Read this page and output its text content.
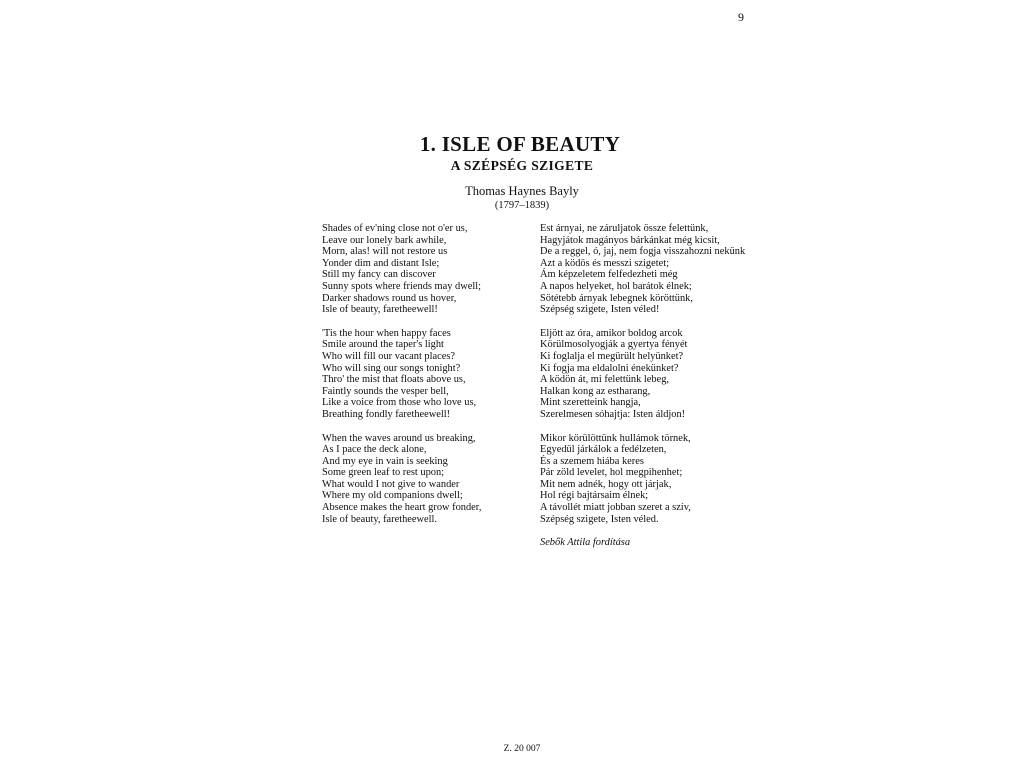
9
1. ISLE OF BEAUTY
A SZÉPSÉG SZIGETE
Thomas Haynes Bayly
(1797–1839)
Shades of ev'ning close not o'er us,
Leave our lonely bark awhile,
Morn, alas! will not restore us
Yonder dim and distant Isle;
Still my fancy can discover
Sunny spots where friends may dwell;
Darker shadows round us hover,
Isle of beauty, faretheewell!
'Tis the hour when happy faces
Smile around the taper's light
Who will fill our vacant places?
Who will sing our songs tonight?
Thro' the mist that floats above us,
Faintly sounds the vesper bell,
Like a voice from those who love us,
Breathing fondly faretheewell!
When the waves around us breaking,
As I pace the deck alone,
And my eye in vain is seeking
Some green leaf to rest upon;
What would I not give to wander
Where my old companions dwell;
Absence makes the heart grow fonder,
Isle of beauty, faretheewell.
Est árnyai, ne záruljatok össze felettünk,
Hagyjátok magányos bárkánkat még kicsit,
De a reggel, ó, jaj, nem fogja visszahozni nekünk
Azt a ködös és messzi szigetet;
Ám képzeletem felfedezheti még
A napos helyeket, hol barátok élnek;
Sötétebb árnyak lebegnek köröttünk,
Szépség szigete, Isten véled!
Eljött az óra, amikor boldog arcok
Körülmosolyogják a gyertya fényét
Ki foglalja el megürült helyünket?
Ki fogja ma eldalolni énekünket?
A ködön át, mi felettünk lebeg,
Halkan kong az estharang,
Mint szeretteink hangja,
Szerelmesen sóhajtja: Isten áldjon!
Mikor körülöttünk hullámok törnek,
Egyedül járkálok a fedélzeten,
És a szemem hiába keres
Pár zöld levelet, hol megpihenhet;
Mit nem adnék, hogy ott járjak,
Hol régi bajtársaim élnek;
A távollét miatt jobban szeret a szív,
Szépség szigete, Isten véled.
Sebők Attila fordítása
Z. 20 007
